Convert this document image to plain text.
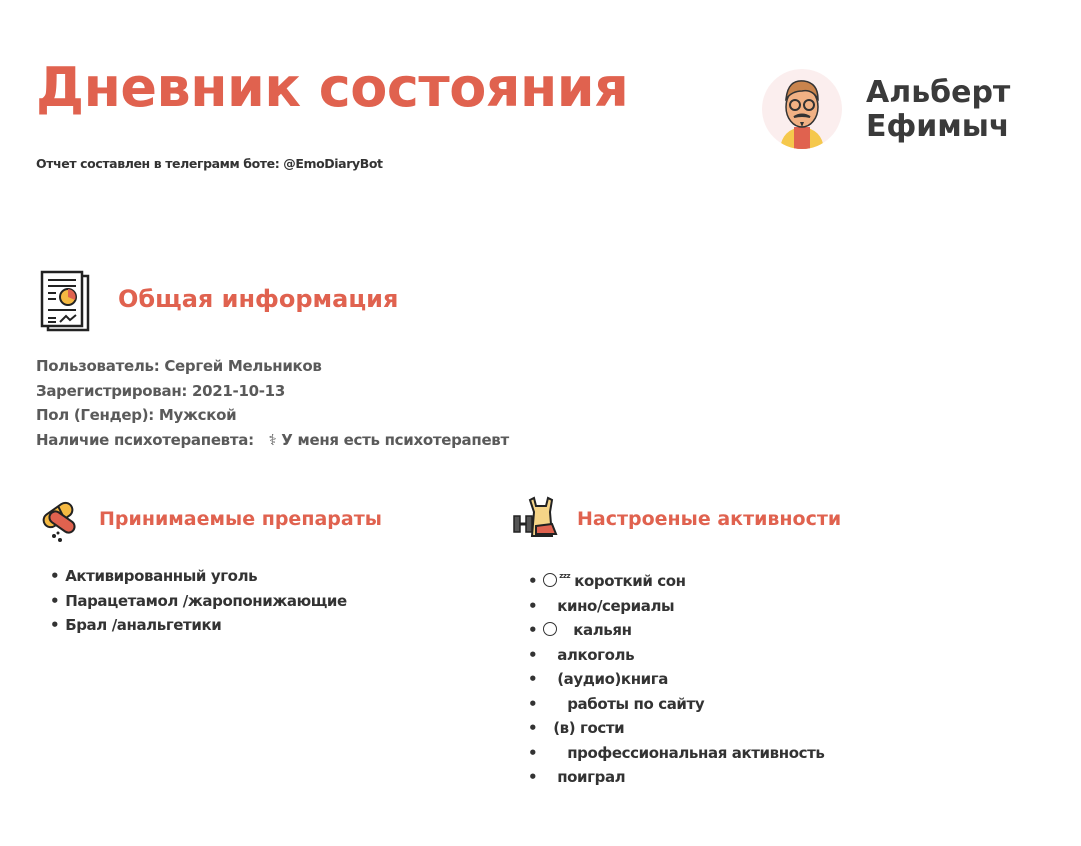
Дневник состояния
Отчет составлен в телеграмм боте: @EmoDiaryBot
Альберт
Ефимыч
Общая информация
Пользователь: Сергей Мельников
Зарегистрирован: 2021-10-13
Пол (Гендер): Мужской
Наличие психотерапевта:   ⚕ У меня есть психотерапевт
Принимаемые препараты
• Активированный уголь
• Парацетамол /жаропонижающие
• Брал /анальгетики
Настроеные активности
• $^{zzz}$ короткий сон
• кино/сериалы
• кальян
• алкоголь
• (аудио)книга
• работы по сайту
• (в) гости
• профессиональная активность
• поиграл
